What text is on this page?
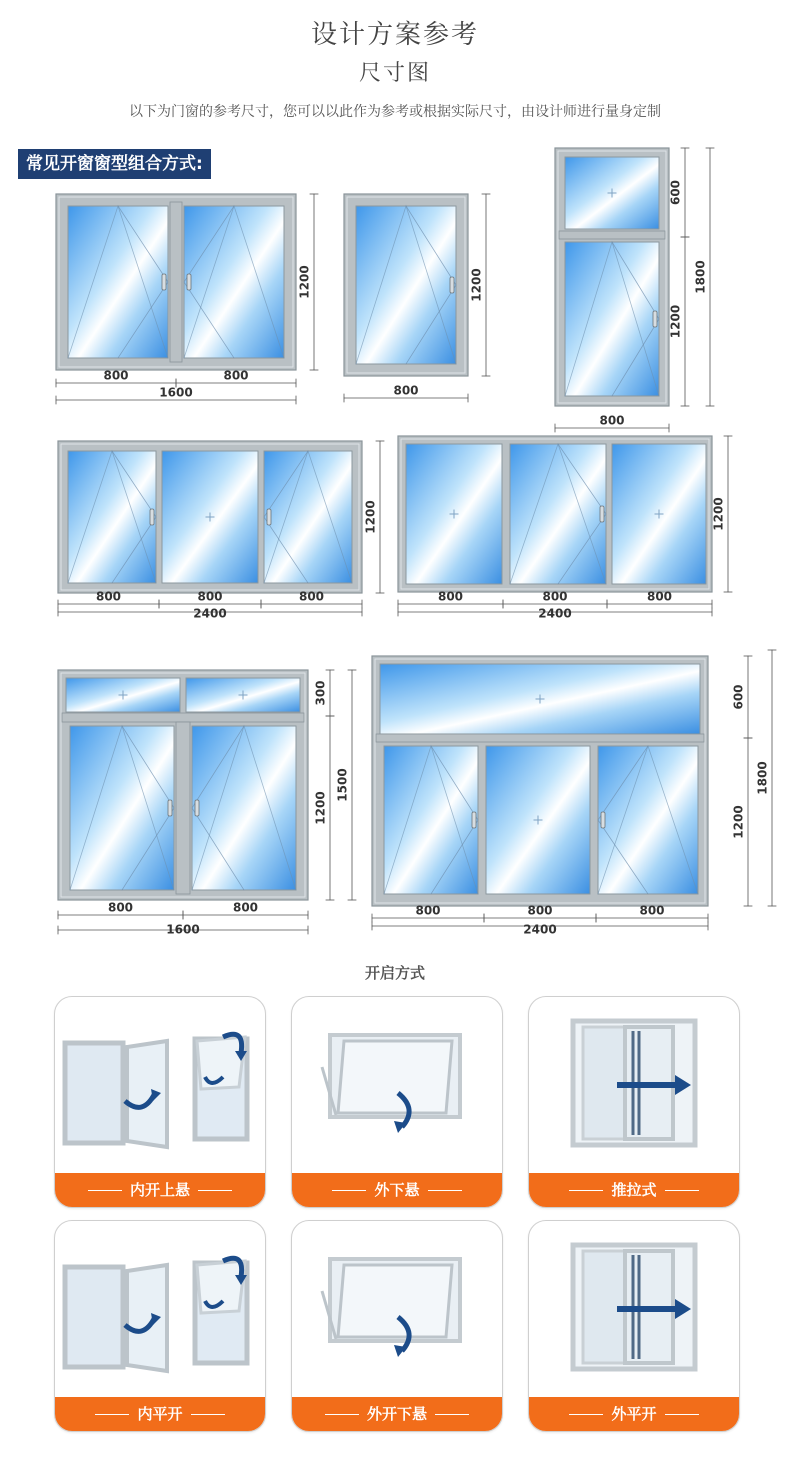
设计方案参考
尺寸图
以下为门窗的参考尺寸，您可以以此作为参考或根据实际尺寸，由设计师进行量身定制
常见开窗窗型组合方式:
1200
800	800
1600
1200
800
600
1200
1800
800
1200
800	800	800
2400
1200
800	800	800
2400
300
1200
1500
800	800
1600
600
1200
1800
800	800	800
2400
开启方式
内开上悬	外下悬	推拉式
内平开	外开下悬	外平开
